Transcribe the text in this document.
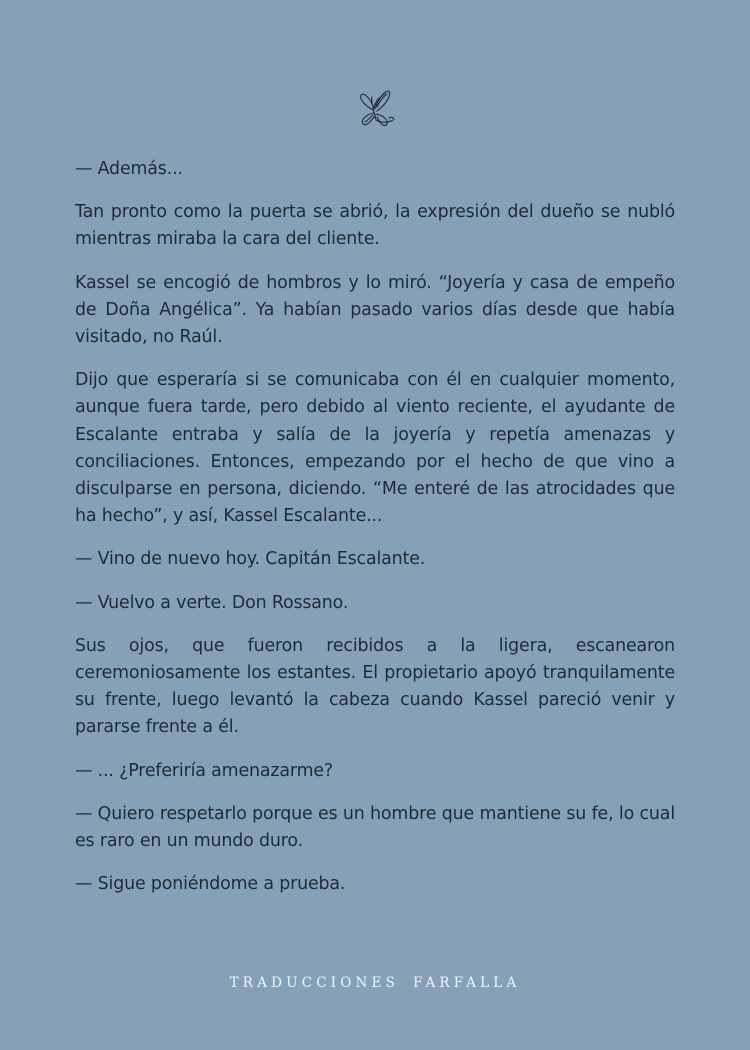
— Además...

Tan pronto como la puerta se abrió, la expresión del dueño se nubló mientras miraba la cara del cliente.

Kassel se encogió de hombros y lo miró. “Joyería y casa de empeño de Doña Angélica”. Ya habían pasado varios días desde que había visitado, no Raúl.

Dijo que esperaría si se comunicaba con él en cualquier momento, aunque fuera tarde, pero debido al viento reciente, el ayudante de Escalante entraba y salía de la joyería y repetía amenazas y conciliaciones. Entonces, empezando por el hecho de que vino a disculparse en persona, diciendo. “Me enteré de las atrocidades que ha hecho”, y así, Kassel Escalante...

— Vino de nuevo hoy. Capitán Escalante.

— Vuelvo a verte. Don Rossano.

Sus ojos, que fueron recibidos a la ligera, escanearon ceremoniosamente los estantes. El propietario apoyó tranquilamente su frente, luego levantó la cabeza cuando Kassel pareció venir y pararse frente a él.

— ... ¿Preferiría amenazarme?

— Quiero respetarlo porque es un hombre que mantiene su fe, lo cual es raro en un mundo duro.

— Sigue poniéndome a prueba.

TRADUCCIONES FARFALLA
